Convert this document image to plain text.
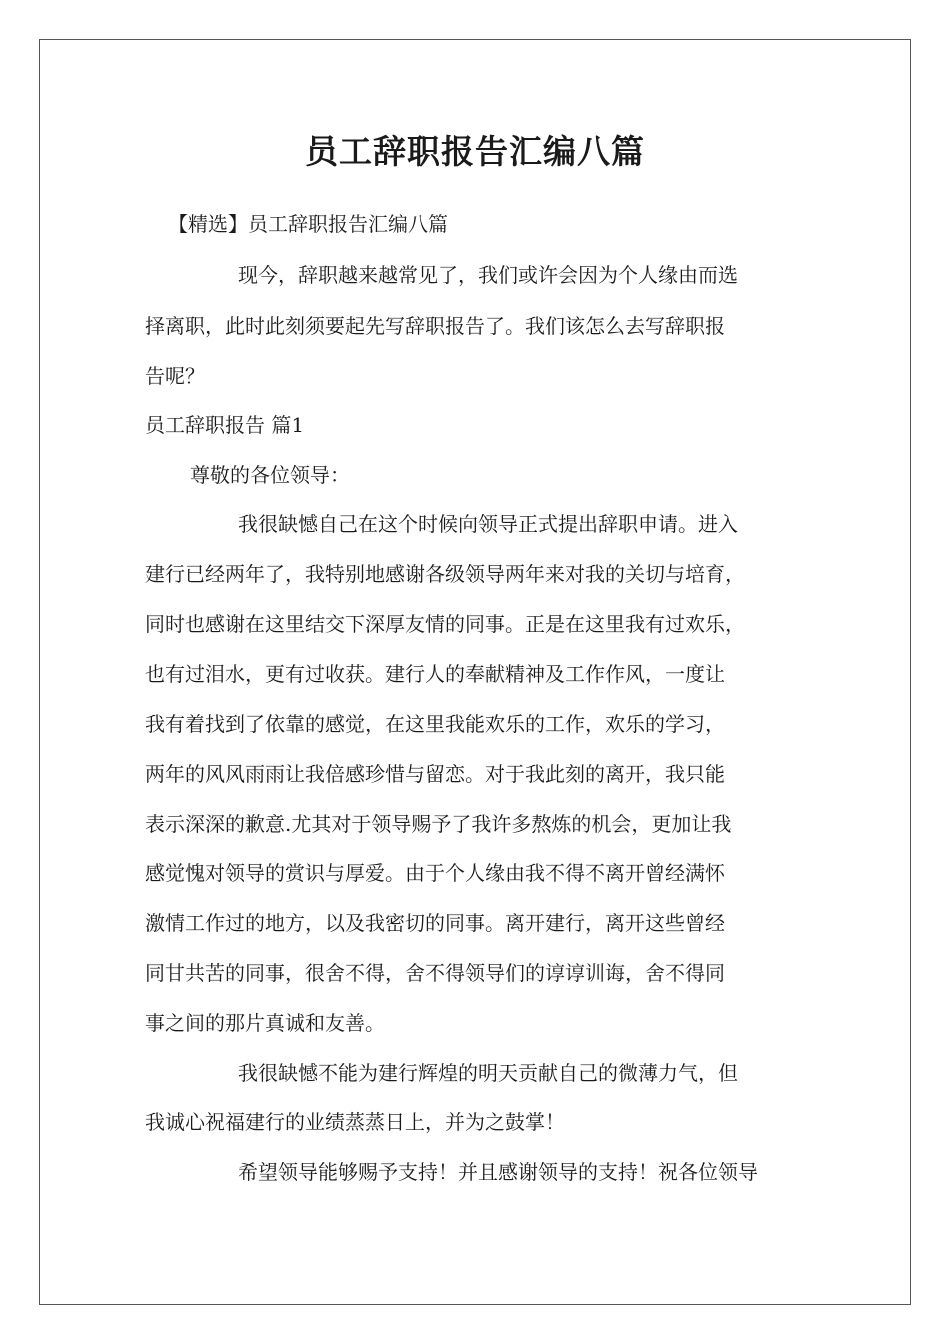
员工辞职报告汇编八篇

【精选】员工辞职报告汇编八篇

现今，辞职越来越常见了，我们或许会因为个人缘由而选

择离职，此时此刻须要起先写辞职报告了。我们该怎么去写辞职报

告呢？

员工辞职报告 篇1

尊敬的各位领导：

我很缺憾自己在这个时候向领导正式提出辞职申请。进入

建行已经两年了，我特别地感谢各级领导两年来对我的关切与培育，

同时也感谢在这里结交下深厚友情的同事。正是在这里我有过欢乐，

也有过泪水，更有过收获。建行人的奉献精神及工作作风，一度让

我有着找到了依靠的感觉，在这里我能欢乐的工作，欢乐的学习，

两年的风风雨雨让我倍感珍惜与留恋。对于我此刻的离开，我只能

表示深深的歉意.尤其对于领导赐予了我许多熬炼的机会，更加让我

感觉愧对领导的赏识与厚爱。由于个人缘由我不得不离开曾经满怀

激情工作过的地方，以及我密切的同事。离开建行，离开这些曾经

同甘共苦的同事，很舍不得，舍不得领导们的谆谆训诲，舍不得同

事之间的那片真诚和友善。

我很缺憾不能为建行辉煌的明天贡献自己的微薄力气，但

我诚心祝福建行的业绩蒸蒸日上，并为之鼓掌！

希望领导能够赐予支持！并且感谢领导的支持！祝各位领导
